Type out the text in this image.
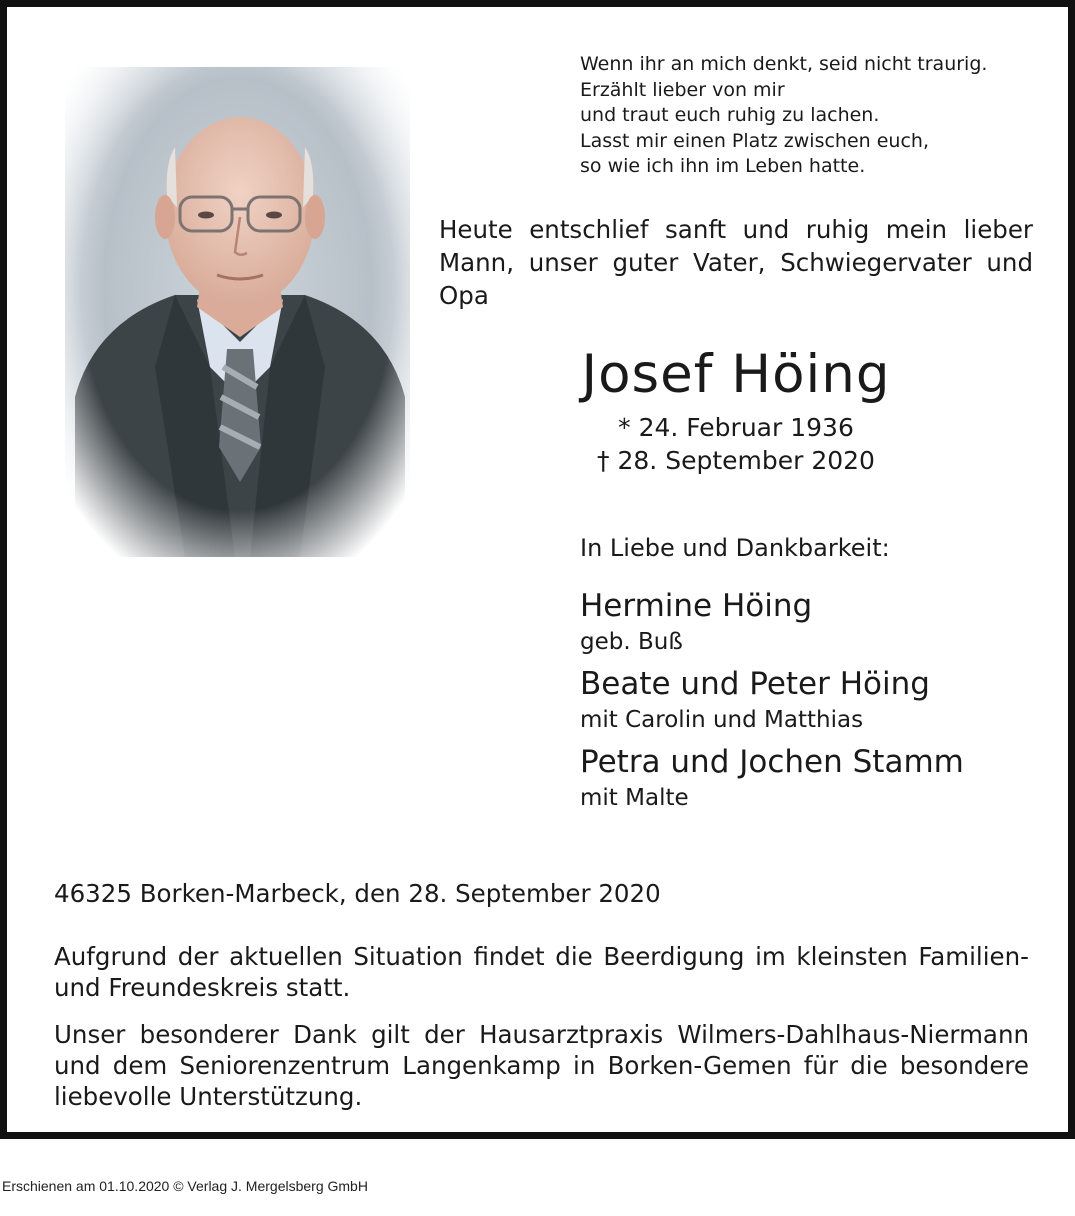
Wenn ihr an mich denkt, seid nicht traurig.
Erzählt lieber von mir
und traut euch ruhig zu lachen.
Lasst mir einen Platz zwischen euch,
so wie ich ihn im Leben hatte.
Heute entschlief sanft und ruhig mein lieber Mann, unser guter Vater, Schwiegervater und Opa
Josef Höing
* 24. Februar 1936
† 28. September 2020
In Liebe und Dankbarkeit:
Hermine Höing
geb. Buß
Beate und Peter Höing
mit Carolin und Matthias
Petra und Jochen Stamm
mit Malte
46325 Borken-Marbeck, den 28. September 2020
Aufgrund der aktuellen Situation findet die Beerdigung im kleinsten Familien- und Freundeskreis statt.
Unser besonderer Dank gilt der Hausarztpraxis Wilmers-Dahlhaus-Niermann und dem Seniorenzentrum Langenkamp in Borken-Gemen für die besondere liebevolle Unterstützung.
Erschienen am 01.10.2020 © Verlag J. Mergelsberg GmbH
